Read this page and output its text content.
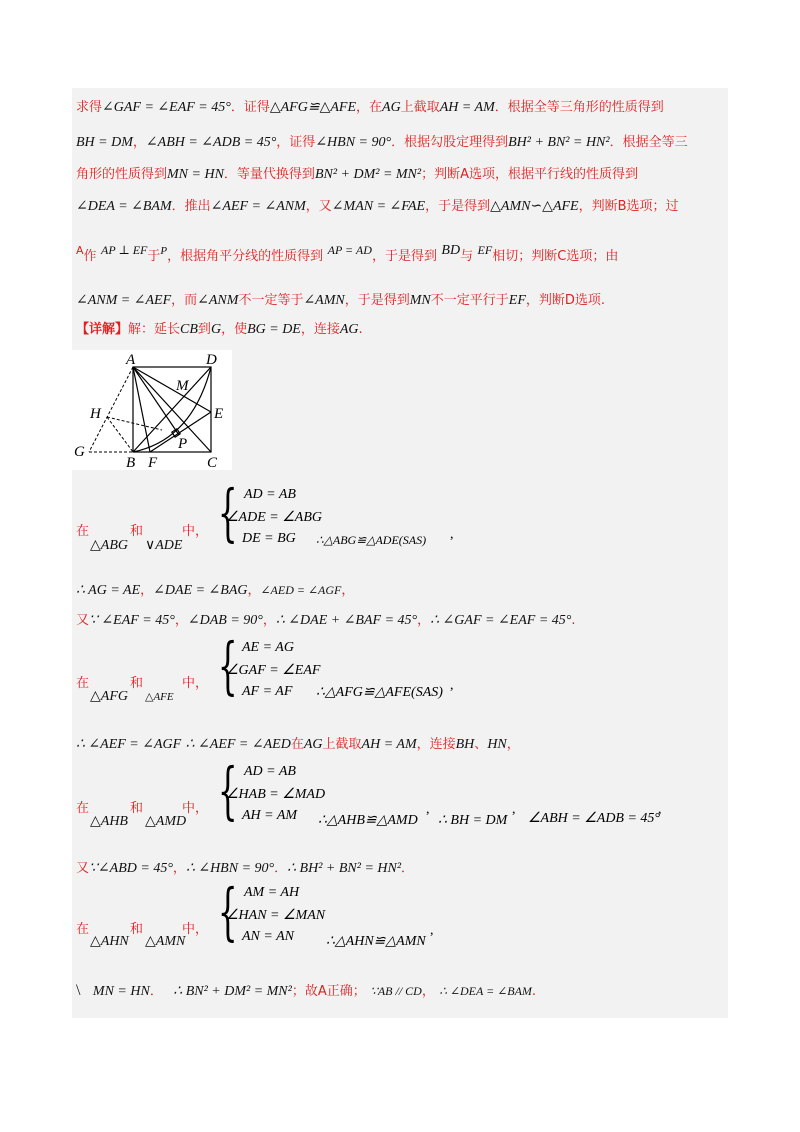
求得∠GAF = ∠EAF = 45°．证得△AFG≌△AFE，在AG上截取AH = AM．根据全等三角形的性质得到
BH = DM，∠ABH = ∠ADB = 45°，证得∠HBN = 90°．根据勾股定理得到BH² + BN² = HN²．根据全等三
角形的性质得到MN = HN．等量代换得到BN² + DM² = MN²；判断A选项，根据平行线的性质得到
∠DEA = ∠BAM．推出∠AEF = ∠ANM，又∠MAN = ∠FAE，于是得到△AMN∽△AFE，判断B选项；过
$^A$作 AP ⊥ EF于$^P$，根据角平分线的性质得到 AP = AD，于是得到 BD与 EF相切；判断C选项；由
∠ANM = ∠AEF，而∠ANM不一定等于∠AMN，于是得到MN不一定平行于EF，判断D选项.
【详解】解：延长CB到G，使BG = DE，连接AG.
A	D
M
H	E
G
B F
P
C
在
△ABG
和
∨ADE
中， { AD = AB
∠ADE = ∠ABG
DE = BG ∴△ABG≌△ADE(SAS) ,
∴ AG = AE，∠DAE = ∠BAG，∠AED = ∠AGF，
又∵ ∠EAF = 45°，∠DAB = 90°，∴ ∠DAE + ∠BAF = 45°，∴ ∠GAF = ∠EAF = 45°.
在
△AFG
和
△AFE
中， { AE = AG
∠GAF = ∠EAF
AF = AF ∴△AFG≌△AFE(SAS) ,
∴ ∠AEF = ∠AGF ∴ ∠AEF = ∠AED在AG上截取AH = AM，连接BH、HN，
在
△AHB
和
△AMD
中， { AD = AB
∠HAB = ∠MAD
AH = AM ∴△AHB≌△AMD
,
∴ BH = DM
,
∠ABH = ∠ADB = 45°
,
又∵∠ABD = 45°，∴ ∠HBN = 90°．∴ BH² + BN² = HN²．
在
△AHN
和
△AMN
中， { AM = AH
∠HAN = ∠MAN
AN = AN ∴△AHN≌△AMN
,
\ MN = HN． ∴ BN² + DM² = MN²；故A正确； ∵AB // CD， ∴ ∠DEA = ∠BAM.
